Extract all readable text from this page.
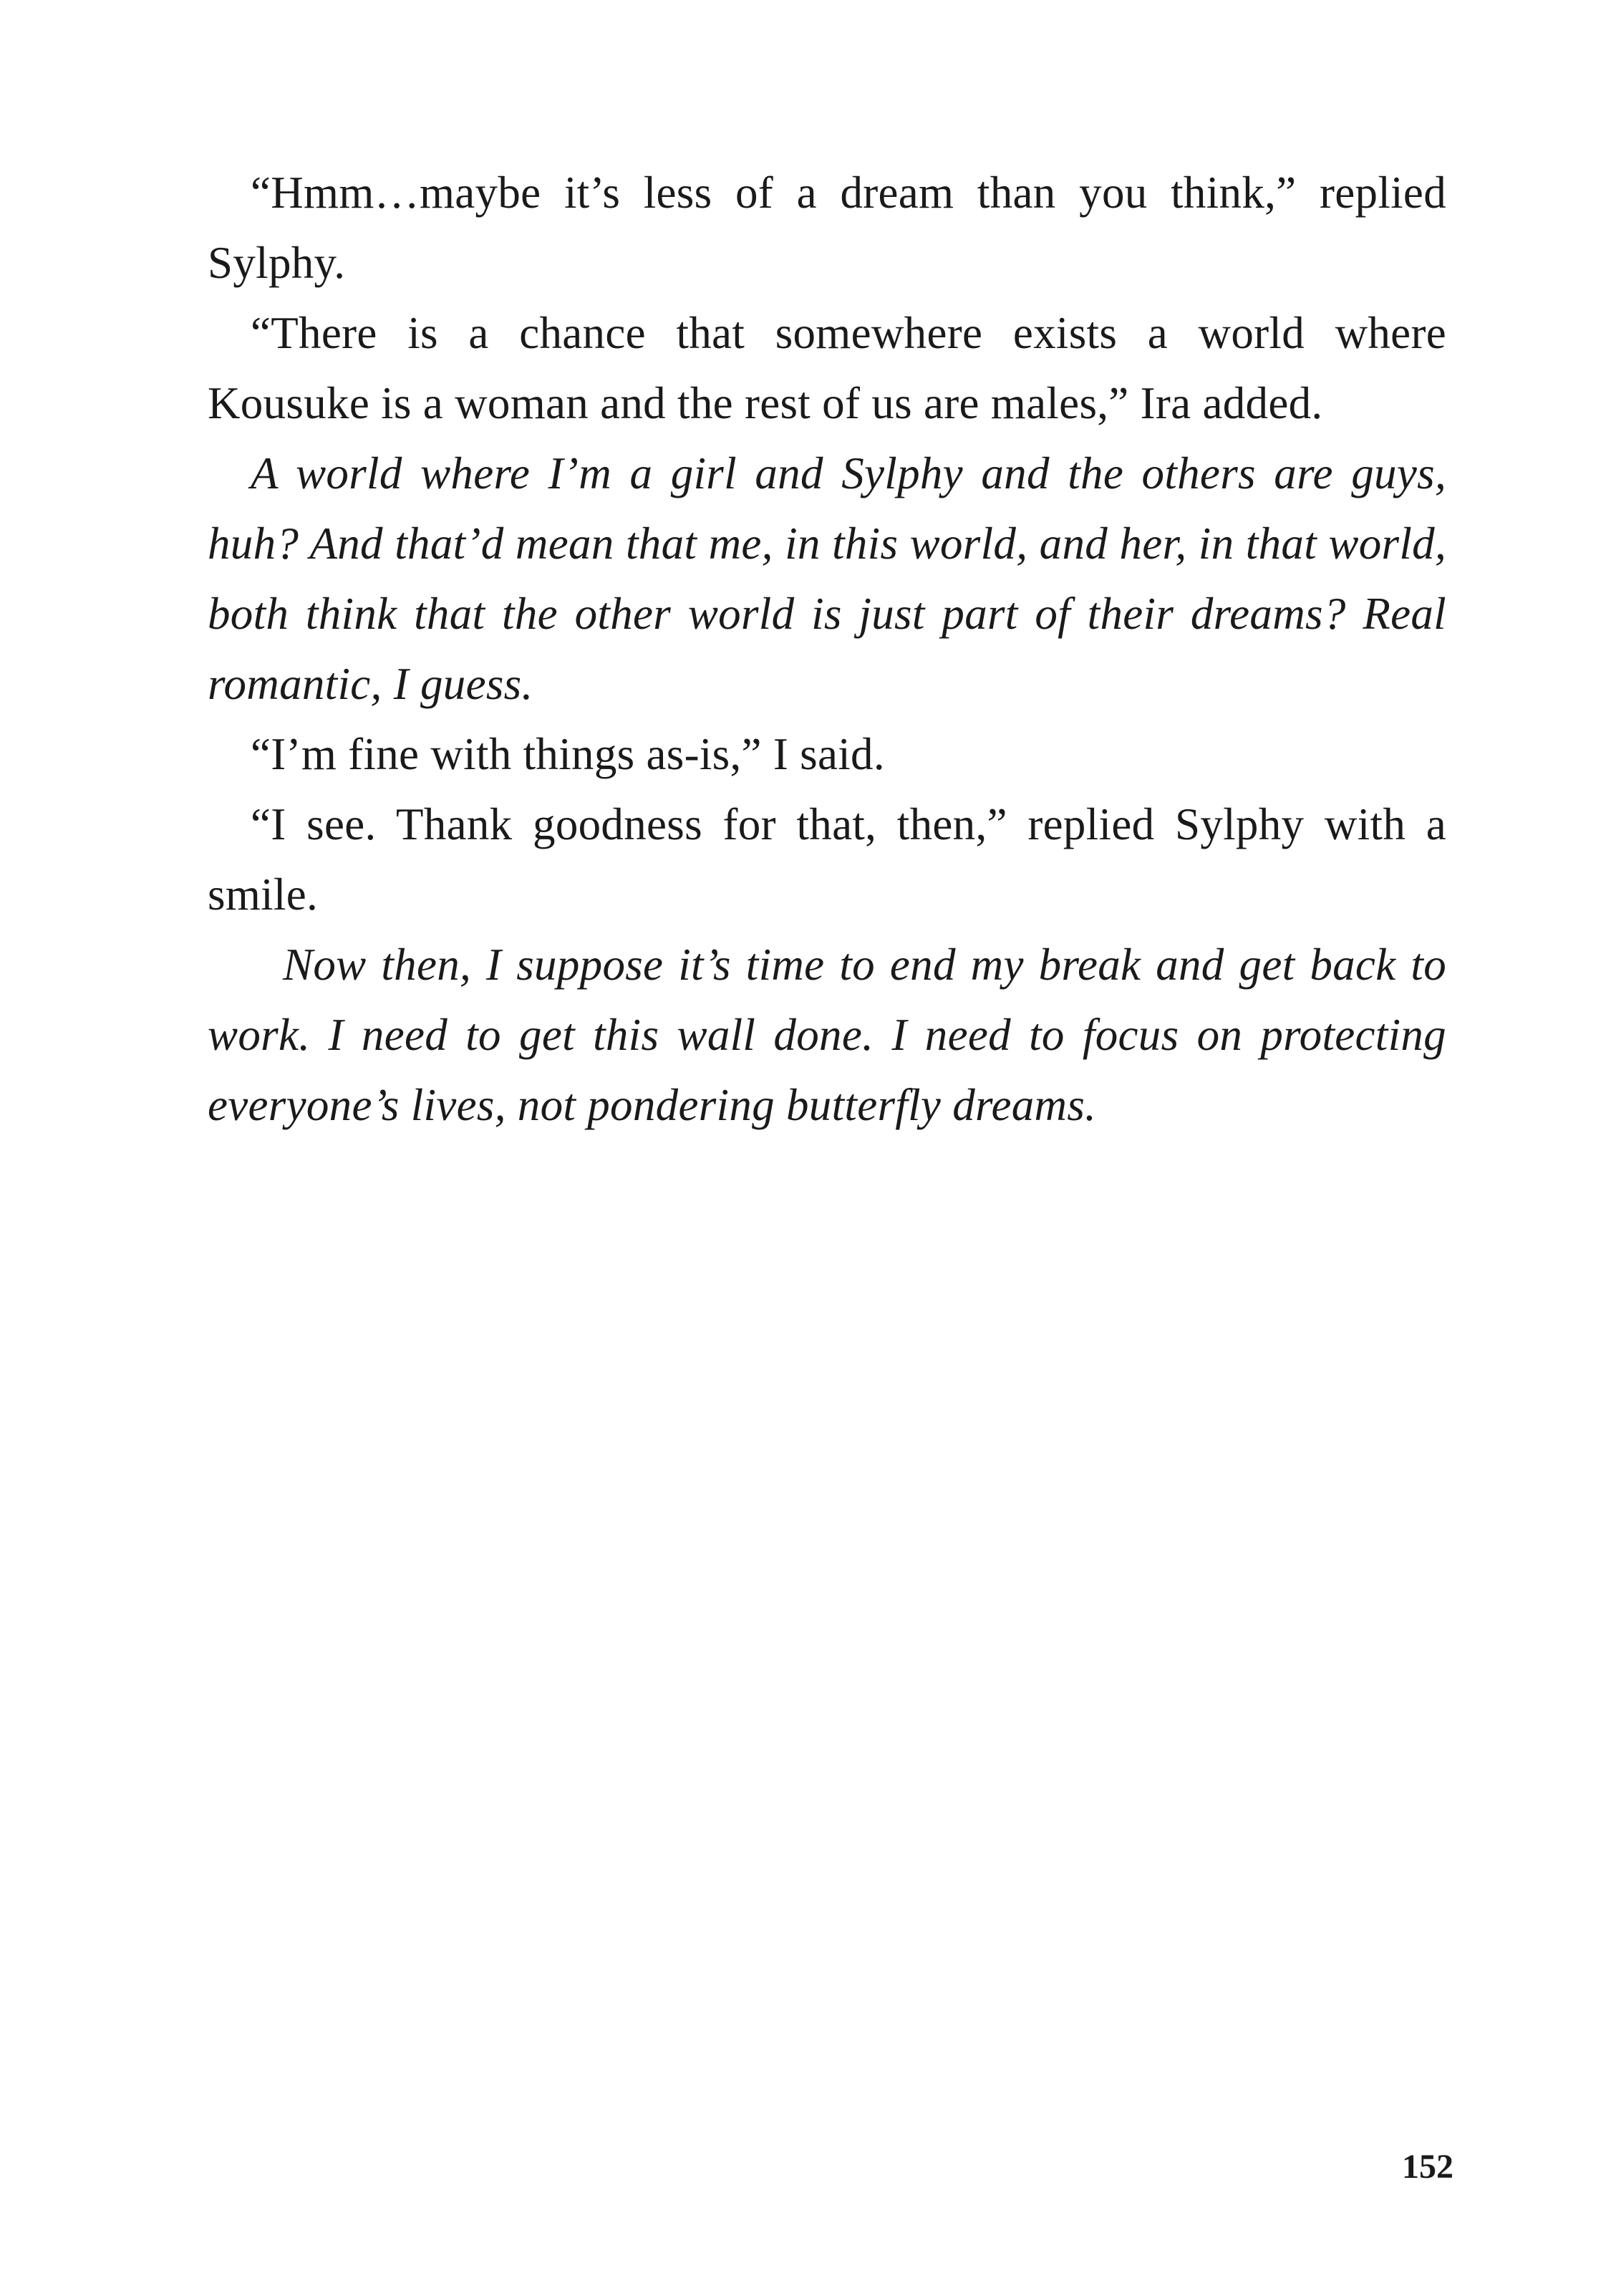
“Hmm…maybe it’s less of a dream than you think,” replied Sylphy.

“There is a chance that somewhere exists a world where Kousuke is a woman and the rest of us are males,” Ira added.

A world where I’m a girl and Sylphy and the others are guys, huh? And that’d mean that me, in this world, and her, in that world, both think that the other world is just part of their dreams? Real romantic, I guess.

“I’m fine with things as-is,” I said.

“I see. Thank goodness for that, then,” replied Sylphy with a smile.

Now then, I suppose it’s time to end my break and get back to work. I need to get this wall done. I need to focus on protecting everyone’s lives, not pondering butterfly dreams.

152
